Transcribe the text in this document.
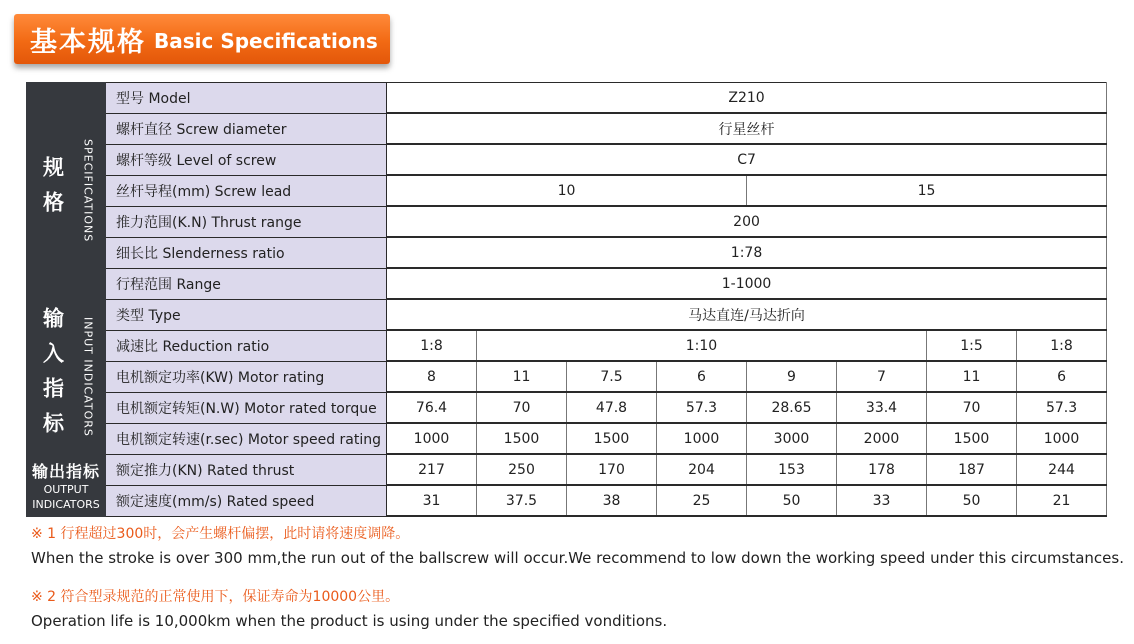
基本规格 Basic Specifications
规格 SPECIFICATIONS	型号 Model	Z210							
	螺杆直径 Screw diameter	行星丝杆							
	螺杆等级 Level of screw	C7							
	丝杆导程(mm) Screw lead	10				15			
	推力范围(K.N) Thrust range	200							
	细长比 Slenderness ratio	1:78							
	行程范围 Range	1-1000							

输入指标 INPUT INDICATORS	类型 Type	马达直连/马达折向							
	减速比 Reduction ratio	1:8	1:10					1:5	1:8
	电机额定功率(KW) Motor rating	8	11	7.5	6	9	7	11	6
	电机额定转矩(N.W) Motor rated torque	76.4	70	47.8	57.3	28.65	33.4	70	57.3
	电机额定转速(r.sec) Motor speed rating	1000	1500	1500	1000	3000	2000	1500	1000

输出指标
OUTPUT
INDICATORS	额定推力(KN) Rated thrust	217	250	170	204	153	178	187	244
	额定速度(mm/s) Rated speed	31	37.5	38	25	50	33	50	21
※ 1 行程超过300时，会产生螺杆偏摆，此时请将速度调降。
When the stroke is over 300 mm,the run out of the ballscrew will occur.We recommend to low down the working speed under this circumstances.
※ 2 符合型录规范的正常使用下，保证寿命为10000公里。
Operation life is 10,000km when the product is using under the specified vonditions.
